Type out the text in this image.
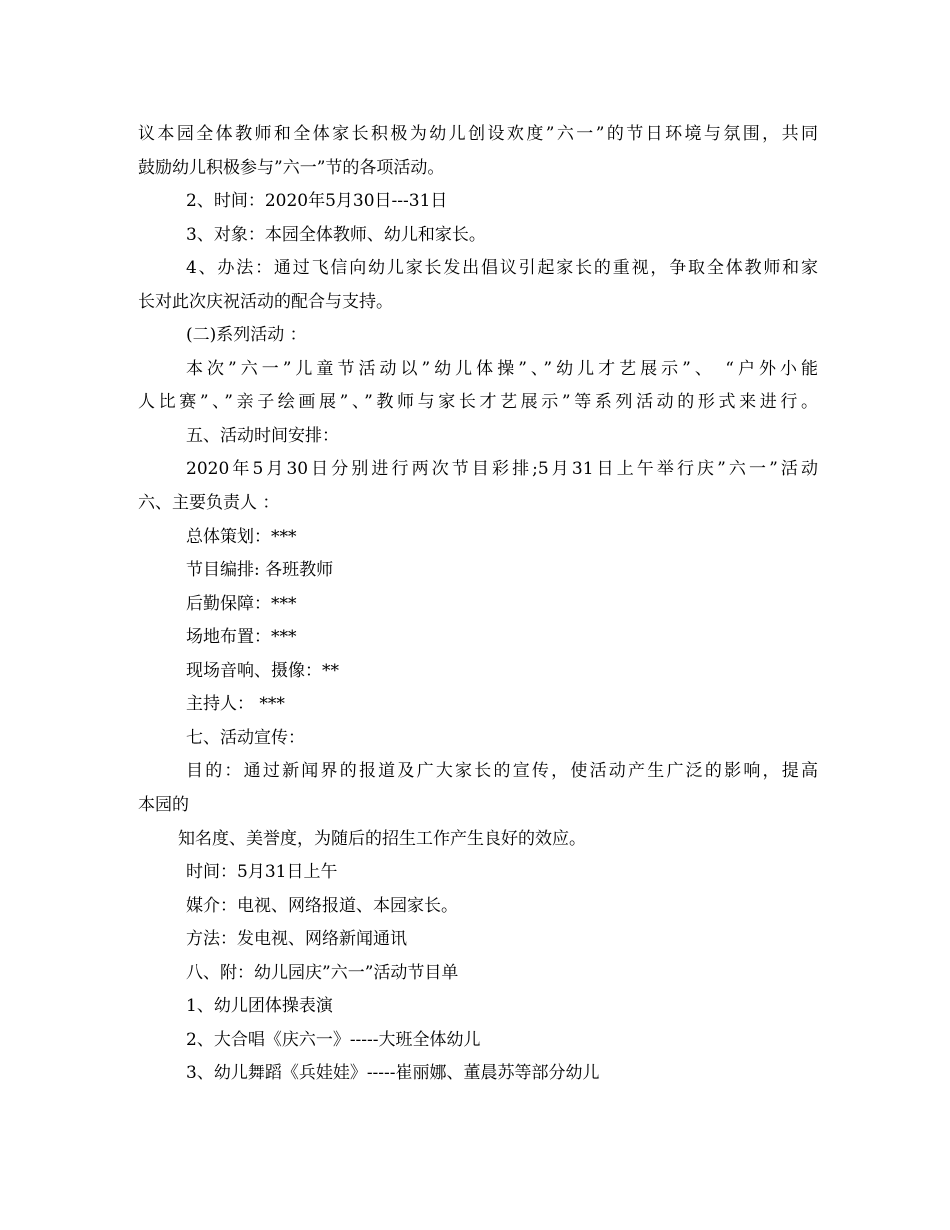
议本园全体教师和全体家长积极为幼儿创设欢度”六一”的节日环境与氛围，共同
鼓励幼儿积极参与”六一”节的各项活动。
2、时间：2020年5月30日---31日
3、对象：本园全体教师、幼儿和家长。
4、办法：通过飞信向幼儿家长发出倡议引起家长的重视，争取全体教师和家
长对此次庆祝活动的配合与支持。
(二)系列活动 ：
本次”六一”儿童节活动以”幼儿体操”、”幼儿才艺展示”、 “户外小能
人比赛”、”亲子绘画展”、”教师与家长才艺展示”等系列活动的形式来进行。
五、活动时间安排：
2020年5月30日分别进行两次节目彩排;5月31日上午举行庆”六一”活动
六、主要负责人 ：
总体策划：***
节目编排: 各班教师
后勤保障：***
场地布置：***
现场音响、摄像：**
主持人： ***
七、活动宣传：
目的：通过新闻界的报道及广大家长的宣传，使活动产生广泛的影响，提高
本园的
知名度、美誉度，为随后的招生工作产生良好的效应。
时间：5月31日上午
媒介：电视、网络报道、本园家长。
方法：发电视、网络新闻通讯
八、附：幼儿园庆”六一”活动节目单
1、幼儿团体操表演
2、大合唱《庆六一》-----大班全体幼儿
3、幼儿舞蹈《兵娃娃》-----崔丽娜、董晨苏等部分幼儿
